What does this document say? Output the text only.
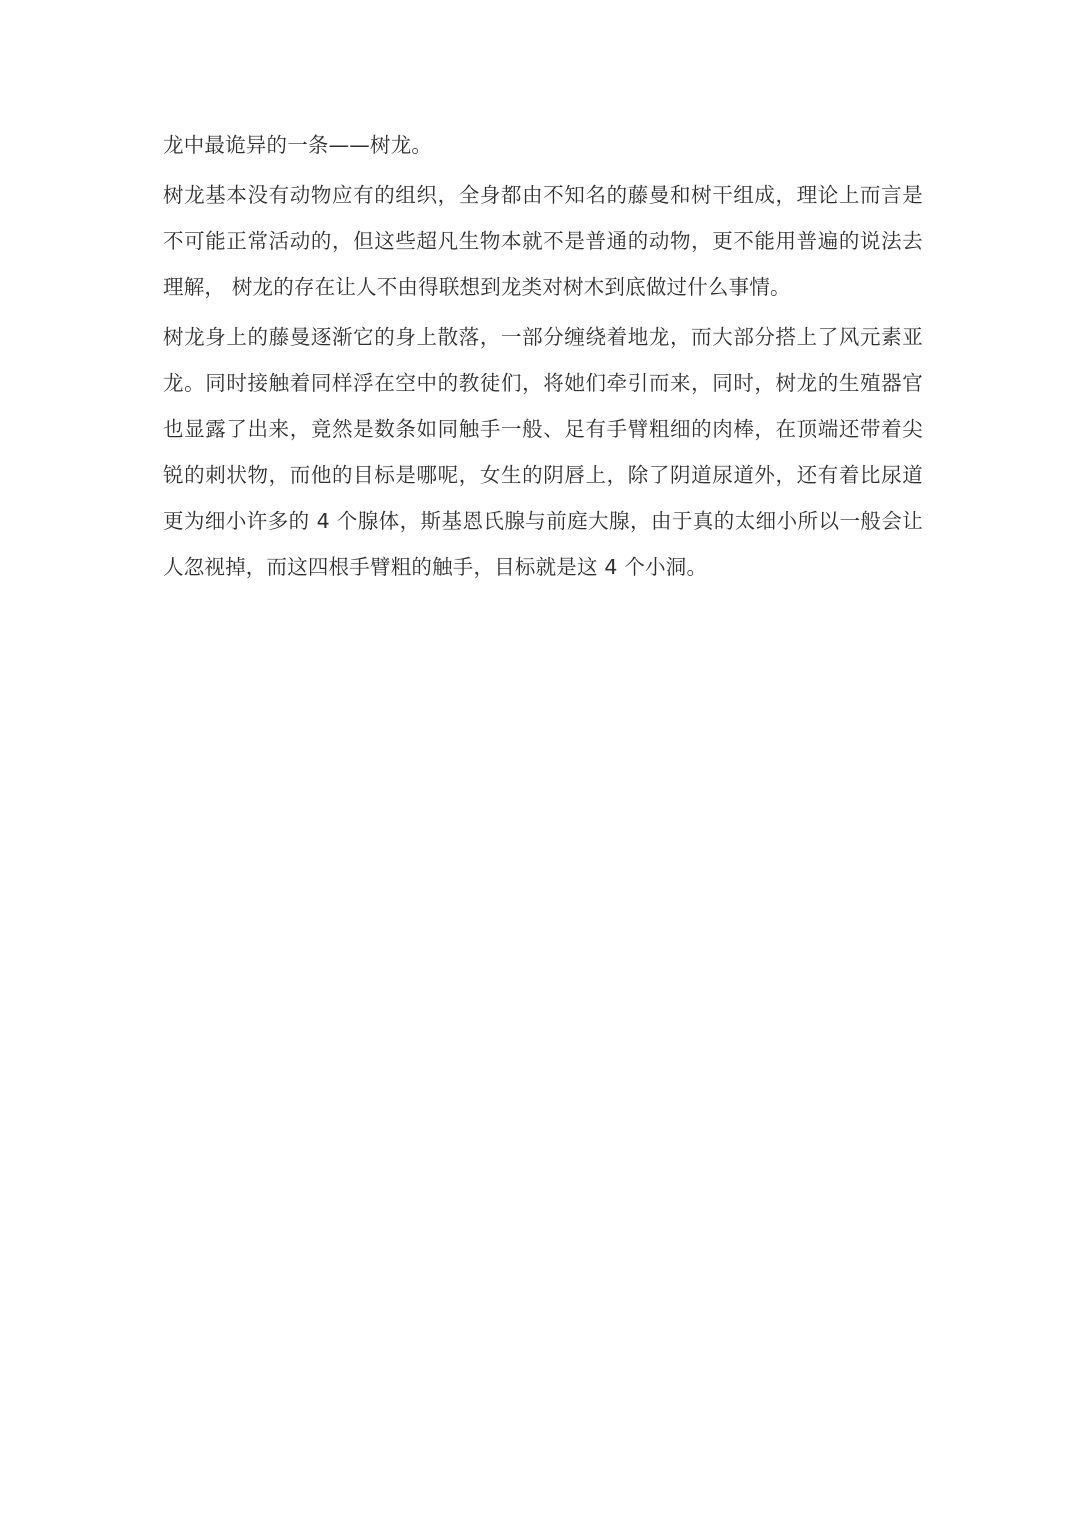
龙中最诡异的一条——树龙。

树龙基本没有动物应有的组织，全身都由不知名的藤曼和树干组成，理论上而言是不可能正常活动的，但这些超凡生物本就不是普通的动物，更不能用普遍的说法去理解， 树龙的存在让人不由得联想到龙类对树木到底做过什么事情。

树龙身上的藤曼逐渐它的身上散落，一部分缠绕着地龙，而大部分搭上了风元素亚龙。同时接触着同样浮在空中的教徒们，将她们牵引而来，同时，树龙的生殖器官也显露了出来，竟然是数条如同触手一般、足有手臂粗细的肉棒，在顶端还带着尖锐的刺状物，而他的目标是哪呢，女生的阴唇上，除了阴道尿道外，还有着比尿道更为细小许多的 4 个腺体，斯基恩氏腺与前庭大腺，由于真的太细小所以一般会让人忽视掉，而这四根手臂粗的触手，目标就是这 4 个小洞。
